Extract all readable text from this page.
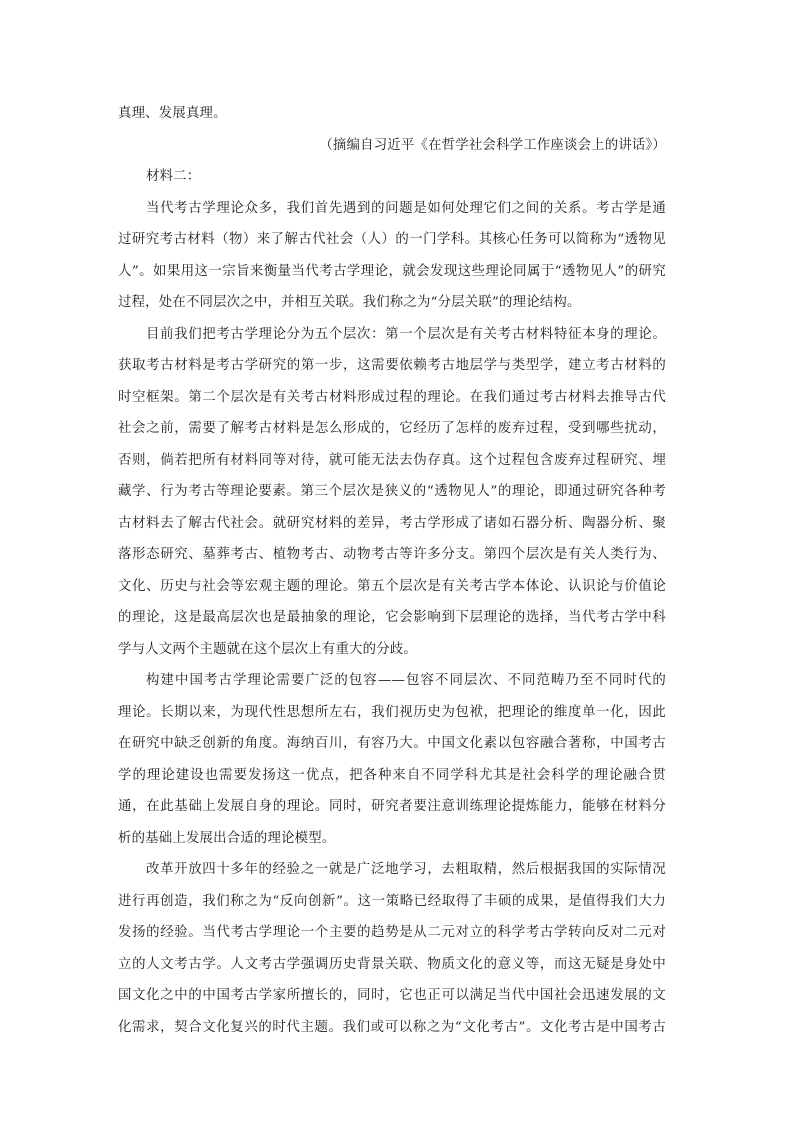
真理、发展真理。
（摘编自习近平《在哲学社会科学工作座谈会上的讲话》）
材料二：
当代考古学理论众多，我们首先遇到的问题是如何处理它们之间的关系。考古学是通
过研究考古材料（物）来了解古代社会（人）的一门学科。其核心任务可以简称为“透物见
人”。如果用这一宗旨来衡量当代考古学理论，就会发现这些理论同属于“透物见人”的研究
过程，处在不同层次之中，并相互关联。我们称之为“分层关联”的理论结构。
目前我们把考古学理论分为五个层次：第一个层次是有关考古材料特征本身的理论。
获取考古材料是考古学研究的第一步，这需要依赖考古地层学与类型学，建立考古材料的
时空框架。第二个层次是有关考古材料形成过程的理论。在我们通过考古材料去推导古代
社会之前，需要了解考古材料是怎么形成的，它经历了怎样的废弃过程，受到哪些扰动，
否则，倘若把所有材料同等对待，就可能无法去伪存真。这个过程包含废弃过程研究、埋
藏学、行为考古等理论要素。第三个层次是狭义的“透物见人”的理论，即通过研究各种考
古材料去了解古代社会。就研究材料的差异，考古学形成了诸如石器分析、陶器分析、聚
落形态研究、墓葬考古、植物考古、动物考古等许多分支。第四个层次是有关人类行为、
文化、历史与社会等宏观主题的理论。第五个层次是有关考古学本体论、认识论与价值论
的理论，这是最高层次也是最抽象的理论，它会影响到下层理论的选择，当代考古学中科
学与人文两个主题就在这个层次上有重大的分歧。
构建中国考古学理论需要广泛的包容——包容不同层次、不同范畴乃至不同时代的
理论。长期以来，为现代性思想所左右，我们视历史为包袱，把理论的维度单一化，因此
在研究中缺乏创新的角度。海纳百川，有容乃大。中国文化素以包容融合著称，中国考古
学的理论建设也需要发扬这一优点，把各种来自不同学科尤其是社会科学的理论融合贯
通，在此基础上发展自身的理论。同时，研究者要注意训练理论提炼能力，能够在材料分
析的基础上发展出合适的理论模型。
改革开放四十多年的经验之一就是广泛地学习，去粗取精，然后根据我国的实际情况
进行再创造，我们称之为“反向创新”。这一策略已经取得了丰硕的成果，是值得我们大力
发扬的经验。当代考古学理论一个主要的趋势是从二元对立的科学考古学转向反对二元对
立的人文考古学。人文考古学强调历史背景关联、物质文化的意义等，而这无疑是身处中
国文化之中的中国考古学家所擅长的，同时，它也正可以满足当代中国社会迅速发展的文
化需求，契合文化复兴的时代主题。我们或可以称之为“文化考古”。文化考古是中国考古
